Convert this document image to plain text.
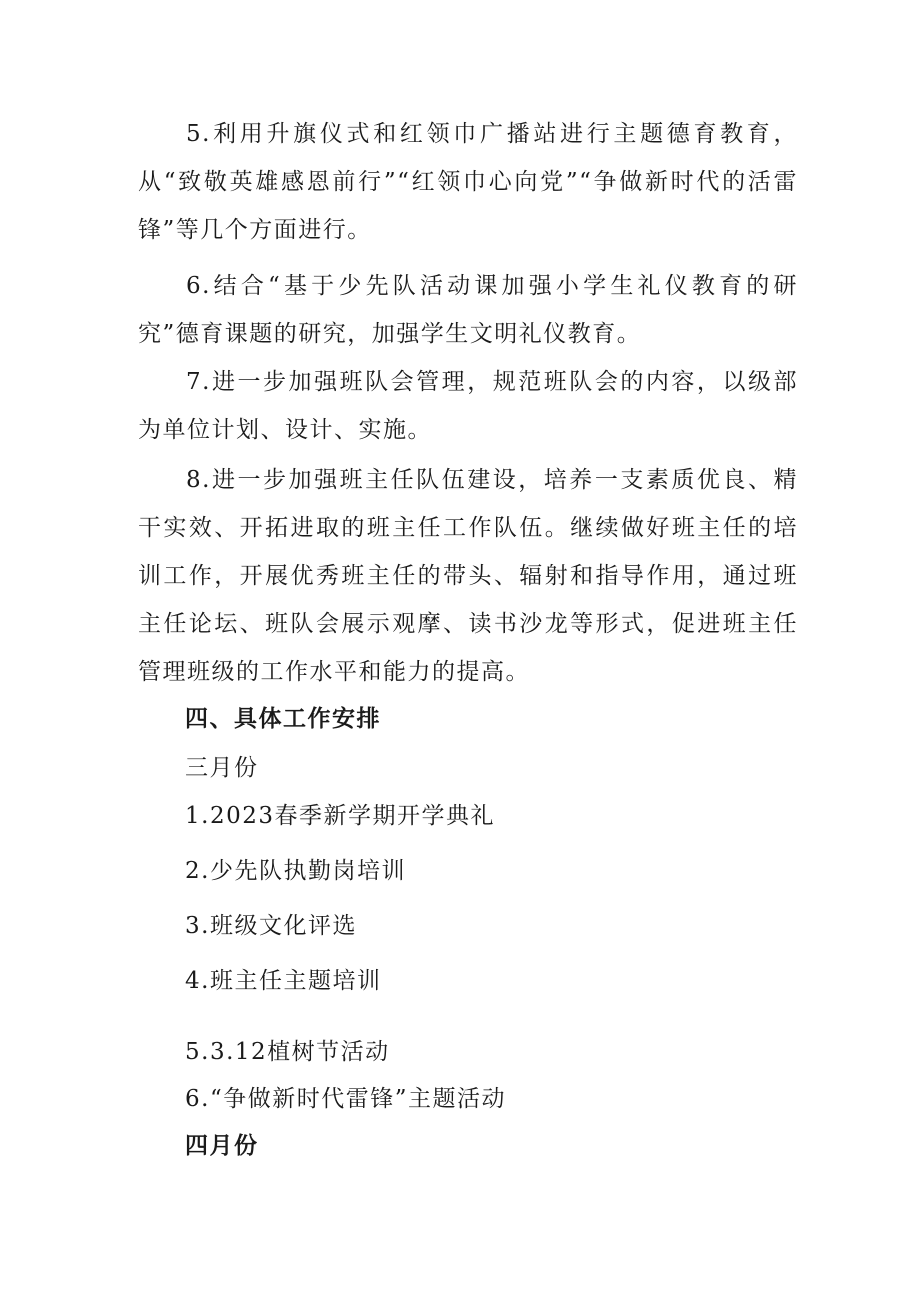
5.利用升旗仪式和红领巾广播站进行主题德育教育，从“致敬英雄感恩前行”“红领巾心向党”“争做新时代的活雷锋”等几个方面进行。

6.结合“基于少先队活动课加强小学生礼仪教育的研究”德育课题的研究，加强学生文明礼仪教育。

7.进一步加强班队会管理，规范班队会的内容，以级部为单位计划、设计、实施。

8.进一步加强班主任队伍建设，培养一支素质优良、精干实效、开拓进取的班主任工作队伍。继续做好班主任的培训工作，开展优秀班主任的带头、辐射和指导作用，通过班主任论坛、班队会展示观摩、读书沙龙等形式，促进班主任管理班级的工作水平和能力的提高。

四、具体工作安排

三月份

1.2023春季新学期开学典礼

2.少先队执勤岗培训

3.班级文化评选

4.班主任主题培训

5.3.12植树节活动

6.“争做新时代雷锋”主题活动

四月份
